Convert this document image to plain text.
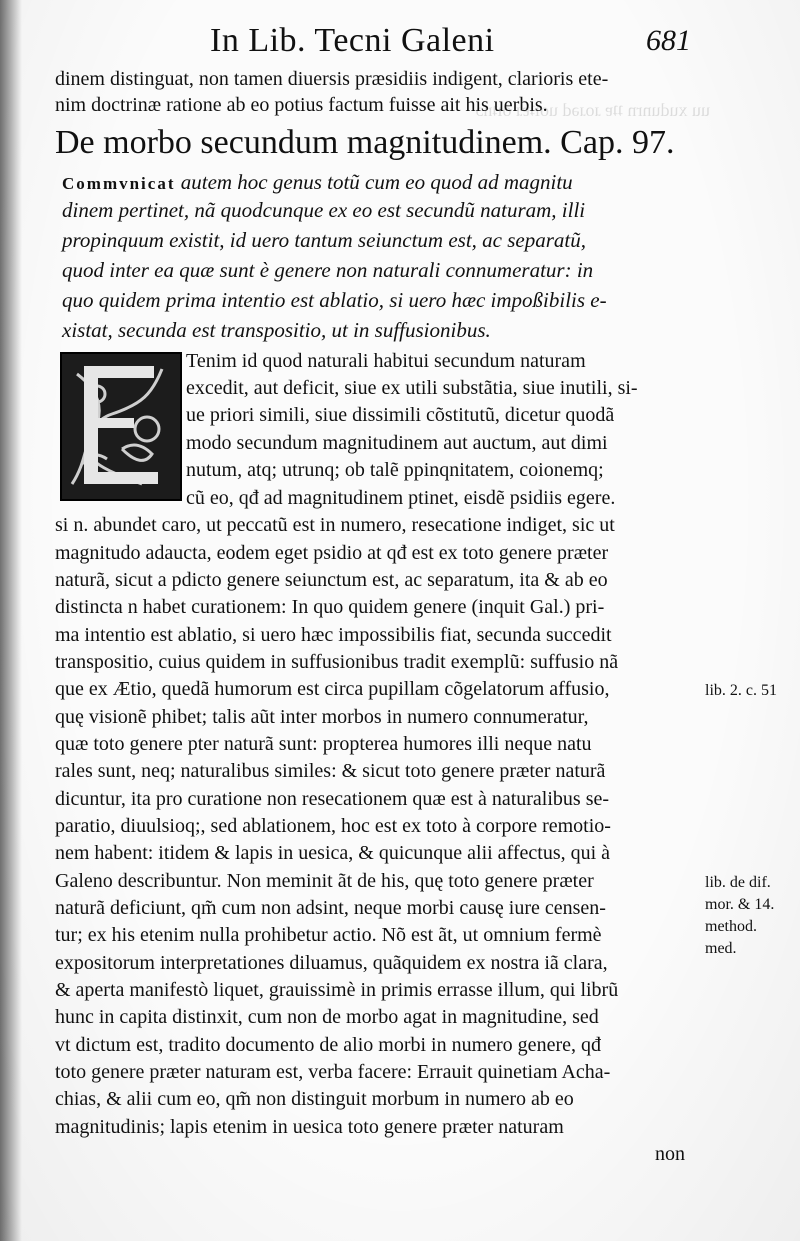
uu xudunrn ʇʇɐ ɹoɹǝd uoıʇɐɹ oıʇnɔ
In Lib. Tecni Galeni	681
dinem distinguat, non tamen diuersis præsidiis indigent, clarioris ete-
nim doctrinæ ratione ab eo potius factum fuisse ait his uerbis.
De morbo secundum magnitudinem. Cap. 97.
Commvnicat autem hoc genus totũ cum eo quod ad magnitu
dinem pertinet, nã quodcunque ex eo est secundũ naturam, illi
propinquum existit, id uero tantum seiunctum est, ac separatũ,
quod inter ea quæ sunt è genere non naturali connumeratur: in
quo quidem prima intentio est ablatio, si uero hæc impoßibilis e-
xistat, secunda est transpositio, ut in suffusionibus.
Tenim id quod naturali habitui secundum naturam
excedit, aut deficit, siue ex utili substãtia, siue inutili, si-
ue priori simili, siue dissimili cõstitutũ, dicetur quodã
modo secundum magnitudinem aut auctum, aut dimi
nutum, atq; utrunq; ob talẽ ppinqnitatem, coionemq;
cũ eo, qđ ad magnitudinem ptinet, eisdẽ psidiis egere.
si n. abundet caro, ut peccatũ est in numero, resecatione indiget, sic ut
magnitudo adaucta, eodem eget psidio at qđ est ex toto genere præter
naturã, sicut a pdicto genere seiunctum est, ac separatum, ita & ab eo
distincta n habet curationem: In quo quidem genere (inquit Gal.) pri-
ma intentio est ablatio, si uero hæc impossibilis fiat, secunda succedit
transpositio, cuius quidem in suffusionibus tradit exemplũ: suffusio nã
que ex Ætio, quedã humorum est circa pupillam cõgelatorum affusio,
quę visionẽ phibet; talis aũt inter morbos in numero connumeratur,
quæ toto genere pter naturã sunt: propterea humores illi neque natu
rales sunt, neq; naturalibus similes: & sicut toto genere præter naturã
dicuntur, ita pro curatione non resecationem quæ est à naturalibus se-
paratio, diuulsioq;, sed ablationem, hoc est ex toto à corpore remotio-
nem habent: itidem & lapis in uesica, & quicunque alii affectus, qui à
Galeno describuntur. Non meminit ãt de his, quę toto genere præter
naturã deficiunt, qm̃ cum non adsint, neque morbi causę iure censen-
tur; ex his etenim nulla prohibetur actio. Nõ est ãt, ut omnium fermè
expositorum interpretationes diluamus, quãquidem ex nostra iã clara,
& aperta manifestò liquet, grauissimè in primis errasse illum, qui librũ
hunc in capita distinxit, cum non de morbo agat in magnitudine, sed
vt dictum est, tradito documento de alio morbi in numero genere, qđ
toto genere præter naturam est, verba facere: Errauit quinetiam Acha-
chias, & alii cum eo, qm̃ non distinguit morbum in numero ab eo
magnitudinis; lapis etenim in uesica toto genere præter naturam
non
lib. 2. c. 51
lib. de dif.
mor. & 14.
method.
med.
